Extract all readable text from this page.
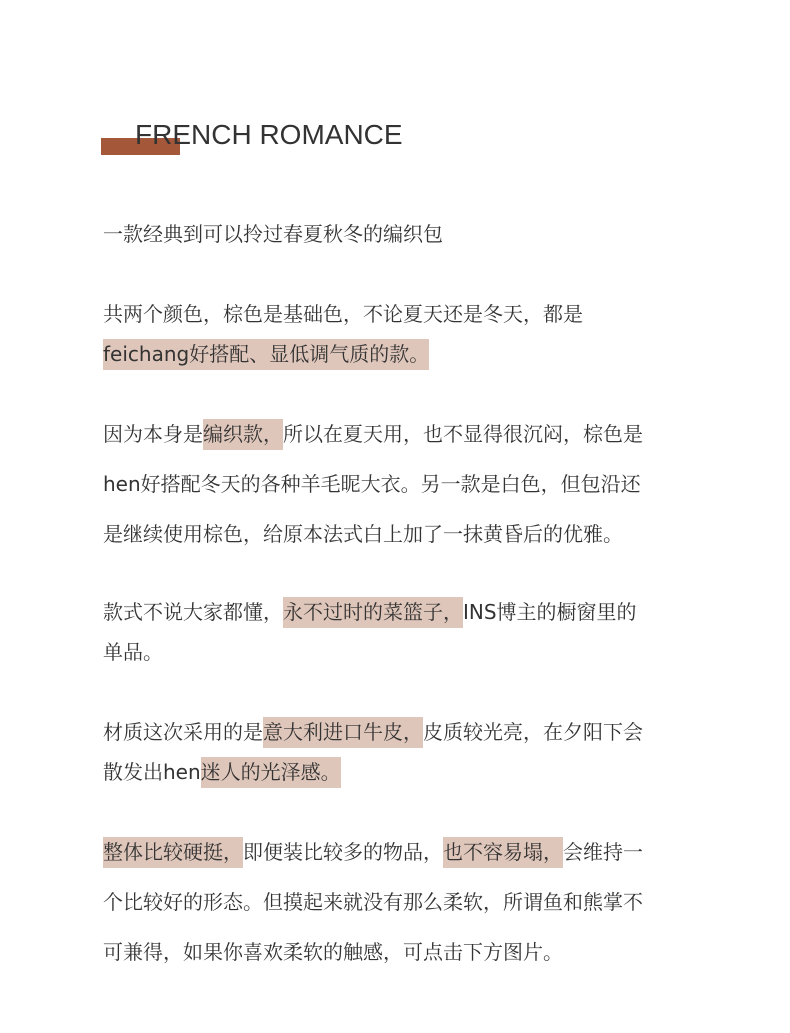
FRENCH ROMANCE
一款经典到可以拎过春夏秋冬的编织包
共两个颜色，棕色是基础色，不论夏天还是冬天，都是
feichang好搭配、显低调气质的款。
因为本身是编织款，所以在夏天用，也不显得很沉闷，棕色是
hen好搭配冬天的各种羊毛昵大衣。另一款是白色，但包沿还
是继续使用棕色，给原本法式白上加了一抹黄昏后的优雅。
款式不说大家都懂，永不过时的菜篮子，INS博主的橱窗里的
单品。
材质这次采用的是意大利进口牛皮，皮质较光亮，在夕阳下会
散发出hen迷人的光泽感。
整体比较硬挺，即便装比较多的物品，也不容易塌，会维持一
个比较好的形态。但摸起来就没有那么柔软，所谓鱼和熊掌不
可兼得，如果你喜欢柔软的触感，可点击下方图片。
